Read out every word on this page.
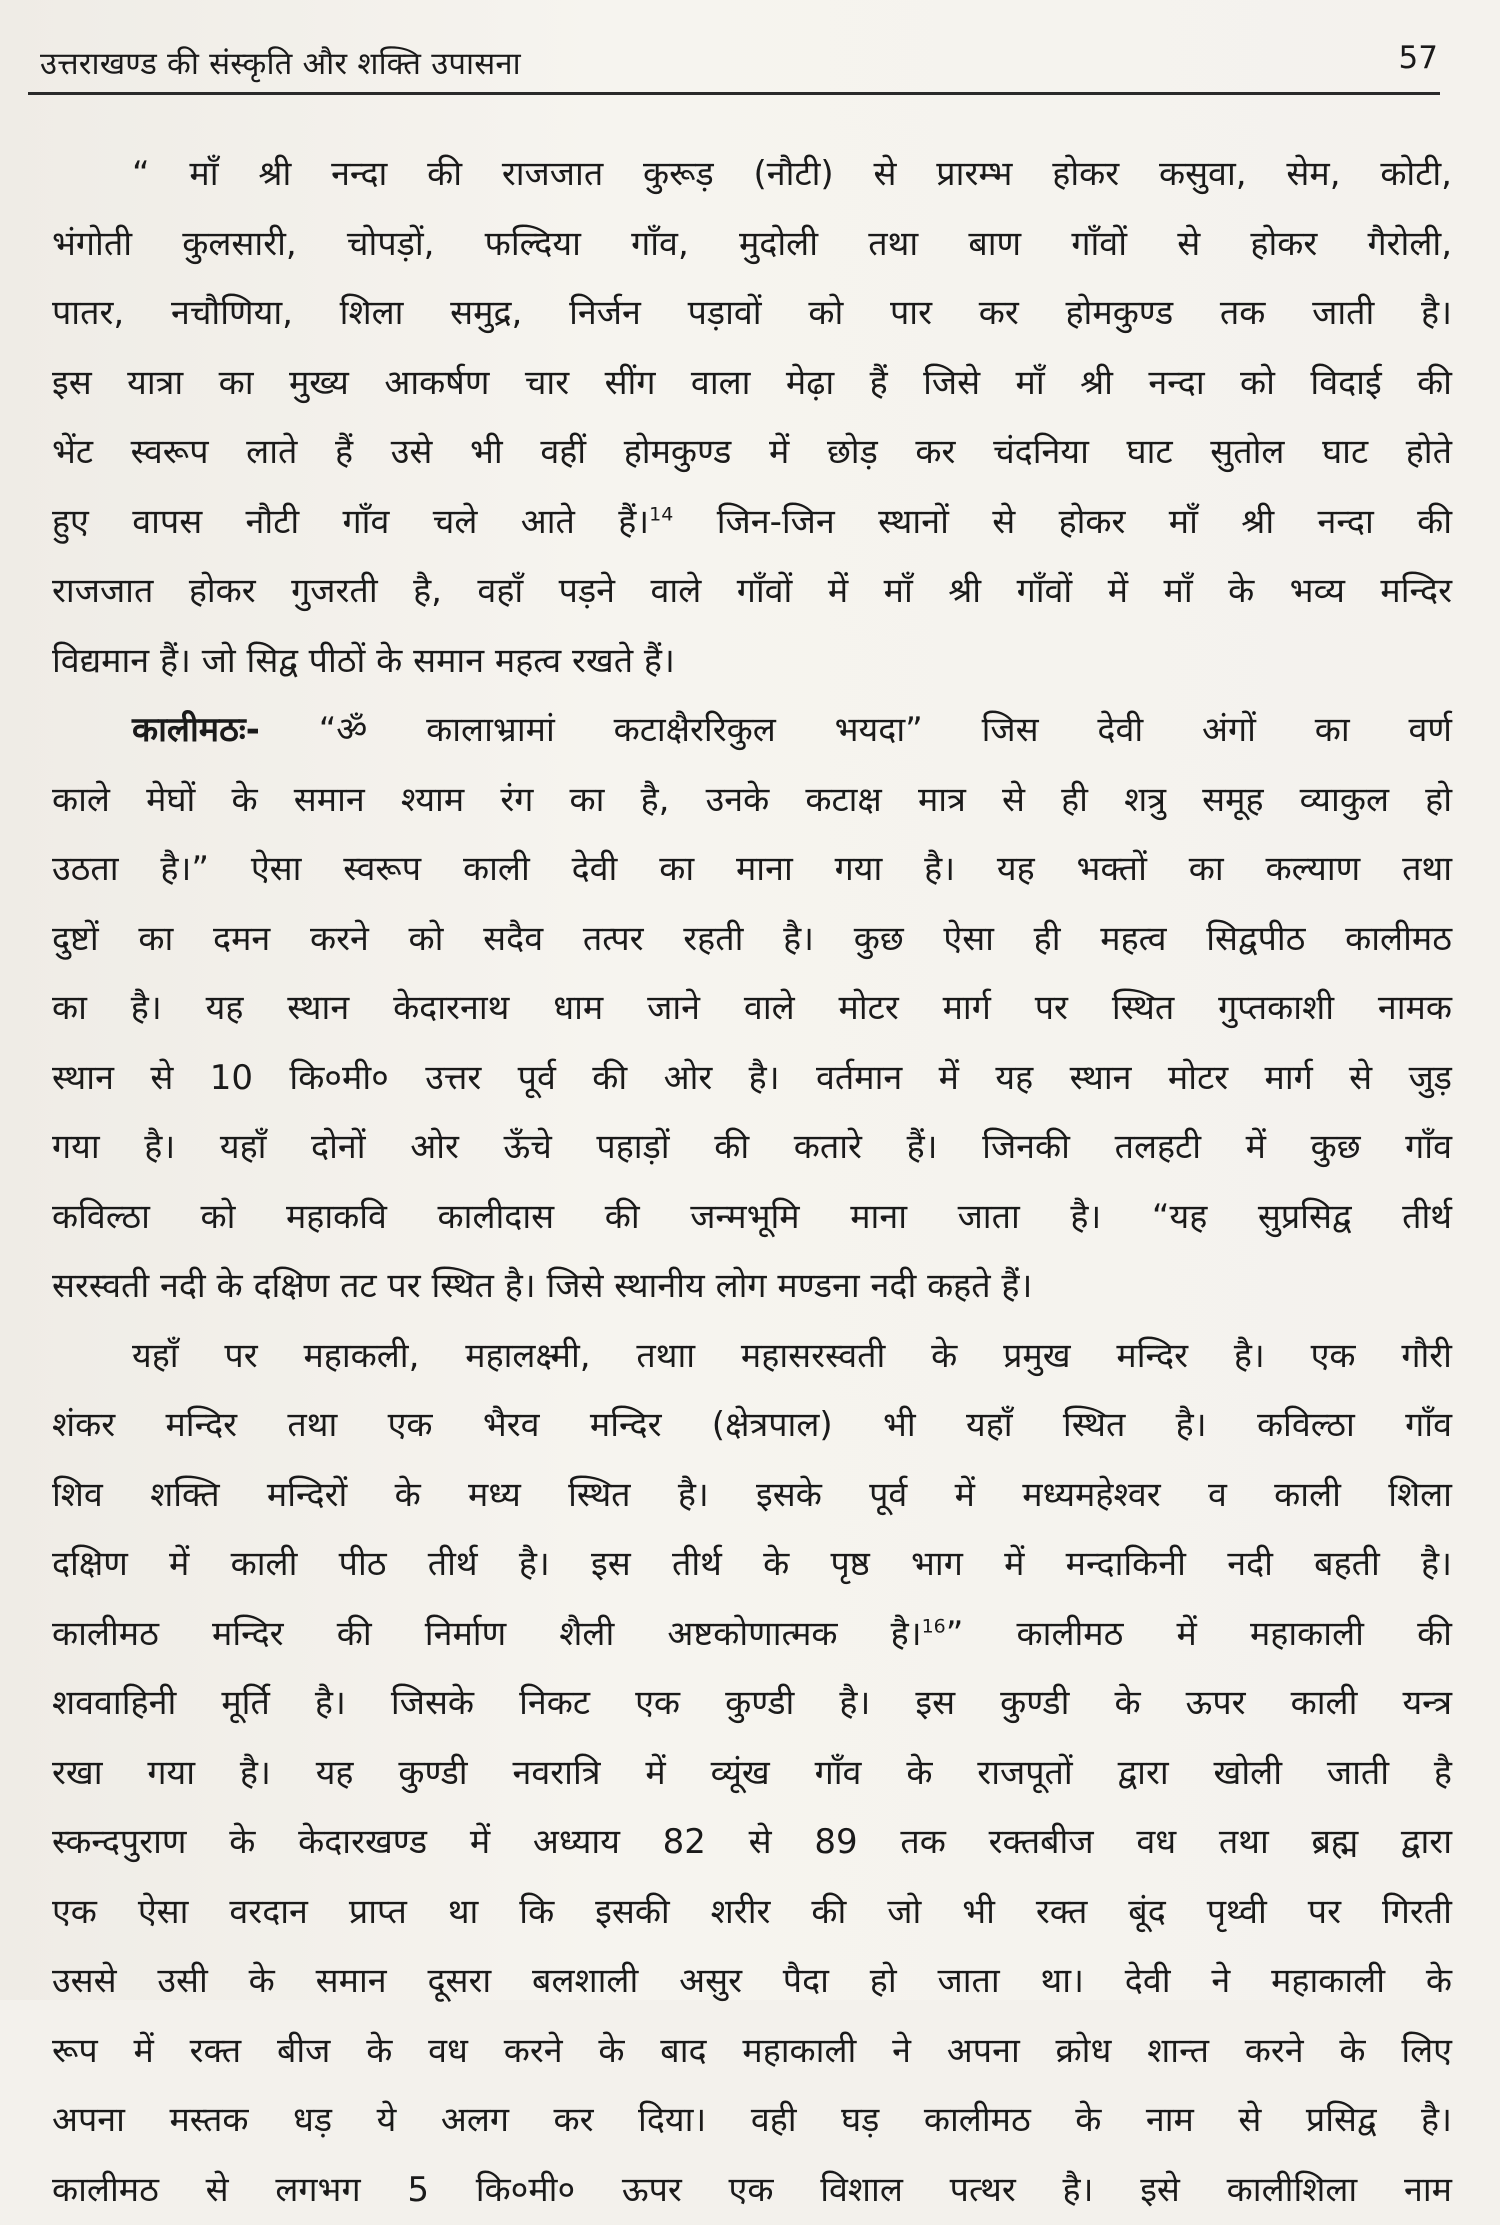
उत्तराखण्ड की संस्कृति और शक्ति उपासना	57
“ माँ श्री नन्दा की राजजात कुरूड़ (नौटी) से प्रारम्भ होकर कसुवा, सेम, कोटी,
भंगोती कुलसारी, चोपड़ों, फल्दिया गाँव, मुदोली तथा बाण गाँवों से होकर गैरोली,
पातर, नचौणिया, शिला समुद्र, निर्जन पड़ावों को पार कर होमकुण्ड तक जाती है।
इस यात्रा का मुख्य आकर्षण चार सींग वाला मेढ़ा हैं जिसे माँ श्री नन्दा को विदाई की
भेंट स्वरूप लाते हैं उसे भी वहीं होमकुण्ड में छोड़ कर चंदनिया घाट सुतोल घाट होते
हुए वापस नौटी गाँव चले आते हैं।$^{14}$ जिन-जिन स्थानों से होकर माँ श्री नन्दा की
राजजात होकर गुजरती है, वहाँ पड़ने वाले गाँवों में माँ श्री गाँवों में माँ के भव्य मन्दिर
विद्यमान हैं। जो सिद्व पीठों के समान महत्व रखते हैं।
कालीमठः- “ॐ कालाभ्रामां कटाक्षैररिकुल भयदा” जिस देवी अंगों का वर्ण
काले मेघों के समान श्याम रंग का है, उनके कटाक्ष मात्र से ही शत्रु समूह व्याकुल हो
उठता है।” ऐसा स्वरूप काली देवी का माना गया है। यह भक्तों का कल्याण तथा
दुष्टों का दमन करने को सदैव तत्पर रहती है। कुछ ऐसा ही महत्व सिद्वपीठ कालीमठ
का है। यह स्थान केदारनाथ धाम जाने वाले मोटर मार्ग पर स्थित गुप्तकाशी नामक
स्थान से 10 कि०मी० उत्तर पूर्व की ओर है। वर्तमान में यह स्थान मोटर मार्ग से जुड़
गया है। यहाँ दोनों ओर ऊँचे पहाड़ों की कतारे हैं। जिनकी तलहटी में कुछ गाँव
कविल्ठा को महाकवि कालीदास की जन्मभूमि माना जाता है। “यह सुप्रसिद्व तीर्थ
सरस्वती नदी के दक्षिण तट पर स्थित है। जिसे स्थानीय लोग मण्डना नदी कहते हैं।
यहाँ पर महाकली, महालक्ष्मी, तथाा महासरस्वती के प्रमुख मन्दिर है। एक गौरी
शंकर मन्दिर तथा एक भैरव मन्दिर (क्षेत्रपाल) भी यहाँ स्थित है। कविल्ठा गाँव
शिव शक्ति मन्दिरों के मध्य स्थित है। इसके पूर्व में मध्यमहेश्वर व काली शिला
दक्षिण में काली पीठ तीर्थ है। इस तीर्थ के पृष्ठ भाग में मन्दाकिनी नदी बहती है।
कालीमठ मन्दिर की निर्माण शैली अष्टकोणात्मक है।$^{16}$” कालीमठ में महाकाली की
शववाहिनी मूर्ति है। जिसके निकट एक कुण्डी है। इस कुण्डी के ऊपर काली यन्त्र
रखा गया है। यह कुण्डी नवरात्रि में व्यूंख गाँव के राजपूतों द्वारा खोली जाती है
स्कन्दपुराण के केदारखण्ड में अध्याय 82 से 89 तक रक्तबीज वध तथा ब्रह्म द्वारा
एक ऐसा वरदान प्राप्त था कि इसकी शरीर की जो भी रक्त बूंद पृथ्वी पर गिरती
उससे उसी के समान दूसरा बलशाली असुर पैदा हो जाता था। देवी ने महाकाली के
रूप में रक्त बीज के वध करने के बाद महाकाली ने अपना क्रोध शान्त करने के लिए
अपना मस्तक धड़ ये अलग कर दिया। वही घड़ कालीमठ के नाम से प्रसिद्व है।
कालीमठ से लगभग 5 कि०मी० ऊपर एक विशाल पत्थर है। इसे कालीशिला नाम
